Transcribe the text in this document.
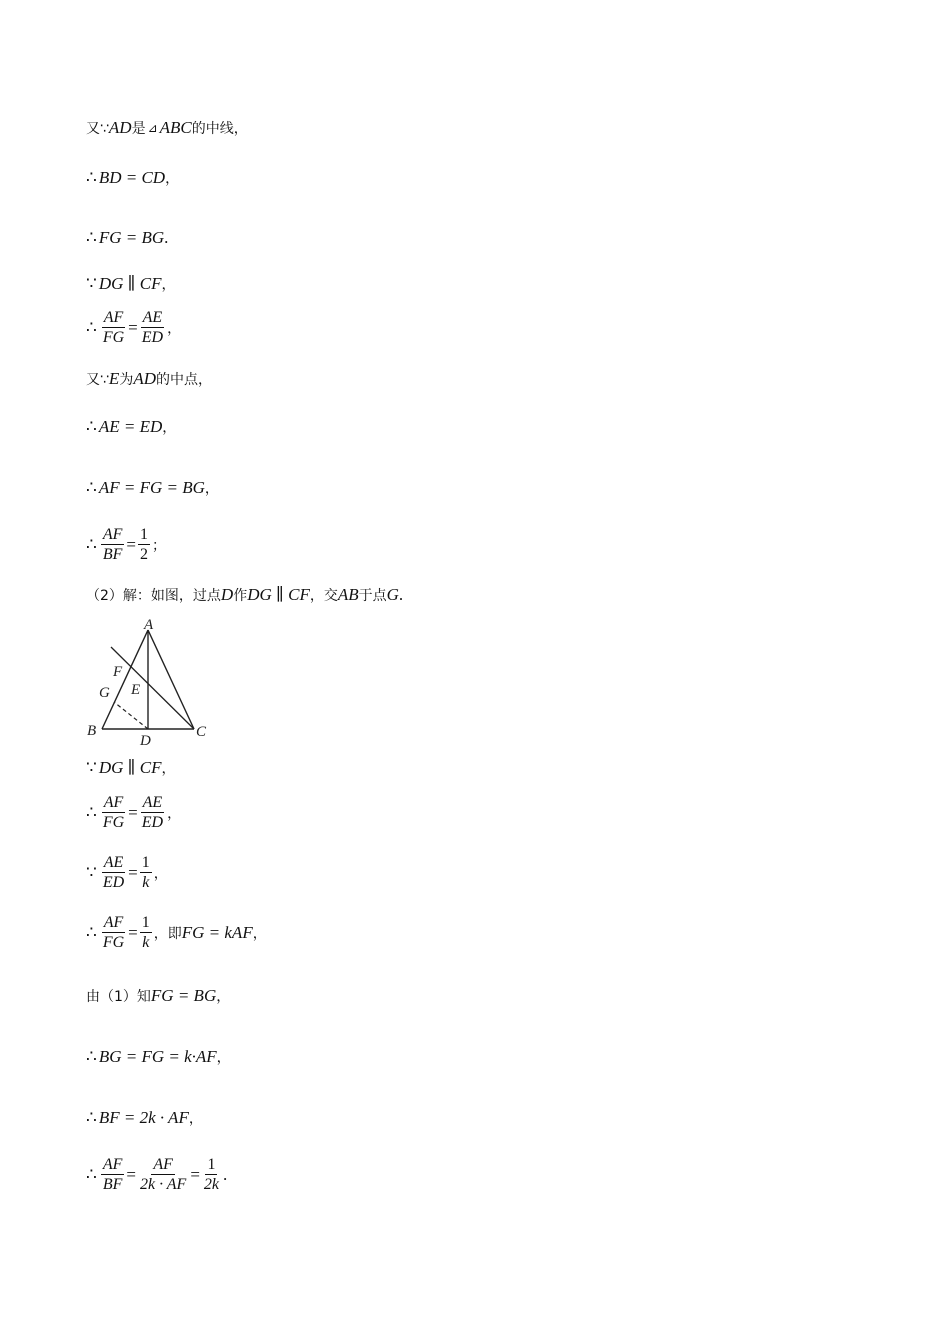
又∵ AD 是 ⊿ ABC 的中线，
∴ BD = CD ，
∴ FG = BG .
∵ DG ∥ CF ，
∴ $\frac{AF}{FG} = \frac{AE}{ED}$ ，
又∵ E 为 AD 的中点，
∴ AE = ED ，
∴ AF = FG = BG ，
∴ $\frac{AF}{BF} = \frac{1}{2}$ ；
（2）解：如图，过点 D 作 DG ∥ CF ，交 AB 于点 G .
A
B	C
D
E
F
G
∵ DG ∥ CF ，
∴ $\frac{AF}{FG} = \frac{AE}{ED}$ ，
∵ $\frac{AE}{ED} = \frac{1}{k}$ ，
∴ $\frac{AF}{FG} = \frac{1}{k}$ ，即 FG = kAF ，
由（1）知 FG = BG ，
∴ BG = FG = k·AF ，
∴ BF = 2k · AF ，
∴ $\frac{AF}{BF} = \frac{AF}{2k \cdot AF} = \frac{1}{2k}$ .
